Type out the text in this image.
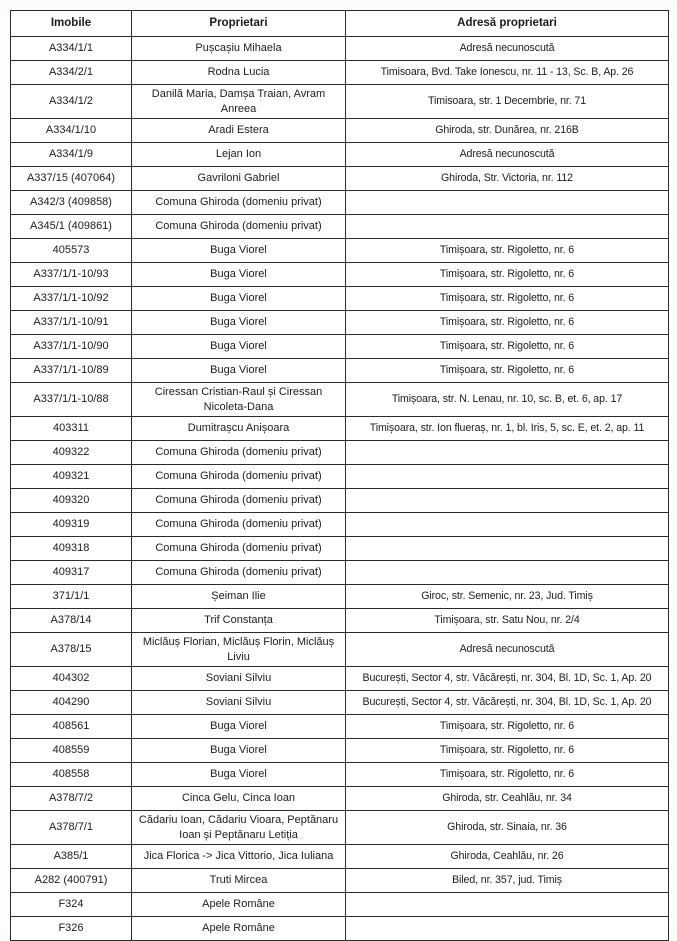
Imobile	Proprietari	Adresă proprietari
A334/1/1	Pușcașiu Mihaela	Adresă necunoscută
A334/2/1	Rodna Lucia	Timisoara, Bvd. Take Ionescu, nr. 11 - 13, Sc. B, Ap. 26
A334/1/2	Danilă Maria, Damșa Traian, Avram Anreea	Timisoara, str. 1 Decembrie, nr. 71
A334/1/10	Aradi Estera	Ghiroda, str. Dunărea, nr. 216B
A334/1/9	Lejan Ion	Adresă necunoscută
A337/15 (407064)	Gavriloni Gabriel	Ghiroda, Str. Victoria, nr. 112
A342/3 (409858)	Comuna Ghiroda (domeniu privat)	
A345/1 (409861)	Comuna Ghiroda (domeniu privat)	
405573	Buga Viorel	Timișoara, str. Rigoletto, nr. 6
A337/1/1-10/93	Buga Viorel	Timișoara, str. Rigoletto, nr. 6
A337/1/1-10/92	Buga Viorel	Timișoara, str. Rigoletto, nr. 6
A337/1/1-10/91	Buga Viorel	Timișoara, str. Rigoletto, nr. 6
A337/1/1-10/90	Buga Viorel	Timișoara, str. Rigoletto, nr. 6
A337/1/1-10/89	Buga Viorel	Timișoara, str. Rigoletto, nr. 6
A337/1/1-10/88	Ciressan Cristian-Raul și Ciressan Nicoleta-Dana	Timișoara, str. N. Lenau, nr. 10, sc. B, et. 6, ap. 17
403311	Dumitrașcu Anișoara	Timișoara, str. Ion flueraș, nr. 1, bl. Iris, 5, sc. E, et. 2, ap. 11
409322	Comuna Ghiroda (domeniu privat)	
409321	Comuna Ghiroda (domeniu privat)	
409320	Comuna Ghiroda (domeniu privat)	
409319	Comuna Ghiroda (domeniu privat)	
409318	Comuna Ghiroda (domeniu privat)	
409317	Comuna Ghiroda (domeniu privat)	
371/1/1	Șeiman Ilie	Giroc, str. Semenic, nr. 23, Jud. Timiș
A378/14	Trif Constanța	Timișoara, str. Satu Nou, nr. 2/4
A378/15	Miclăuș Florian, Miclăuș Florin, Miclăuș Liviu	Adresă necunoscută
404302	Soviani Silviu	București, Sector 4, str. Văcărești, nr. 304, Bl. 1D, Sc. 1, Ap. 20
404290	Soviani Silviu	București, Sector 4, str. Văcărești, nr. 304, Bl. 1D, Sc. 1, Ap. 20
408561	Buga Viorel	Timișoara, str. Rigoletto, nr. 6
408559	Buga Viorel	Timișoara, str. Rigoletto, nr. 6
408558	Buga Viorel	Timișoara, str. Rigoletto, nr. 6
A378/7/2	Cinca Gelu, Cinca Ioan	Ghiroda, str. Ceahlău, nr. 34
A378/7/1	Cădariu Ioan, Cădariu Vioara, Peptănaru Ioan și Peptănaru Letiția	Ghiroda, str. Sinaia, nr. 36
A385/1	Jica Florica -> Jica Vittorio, Jica Iuliana	Ghiroda, Ceahlău, nr. 26
A282 (400791)	Truti Mircea	Biled, nr. 357, jud. Timiș
F324	Apele Române	
F326	Apele Române	
